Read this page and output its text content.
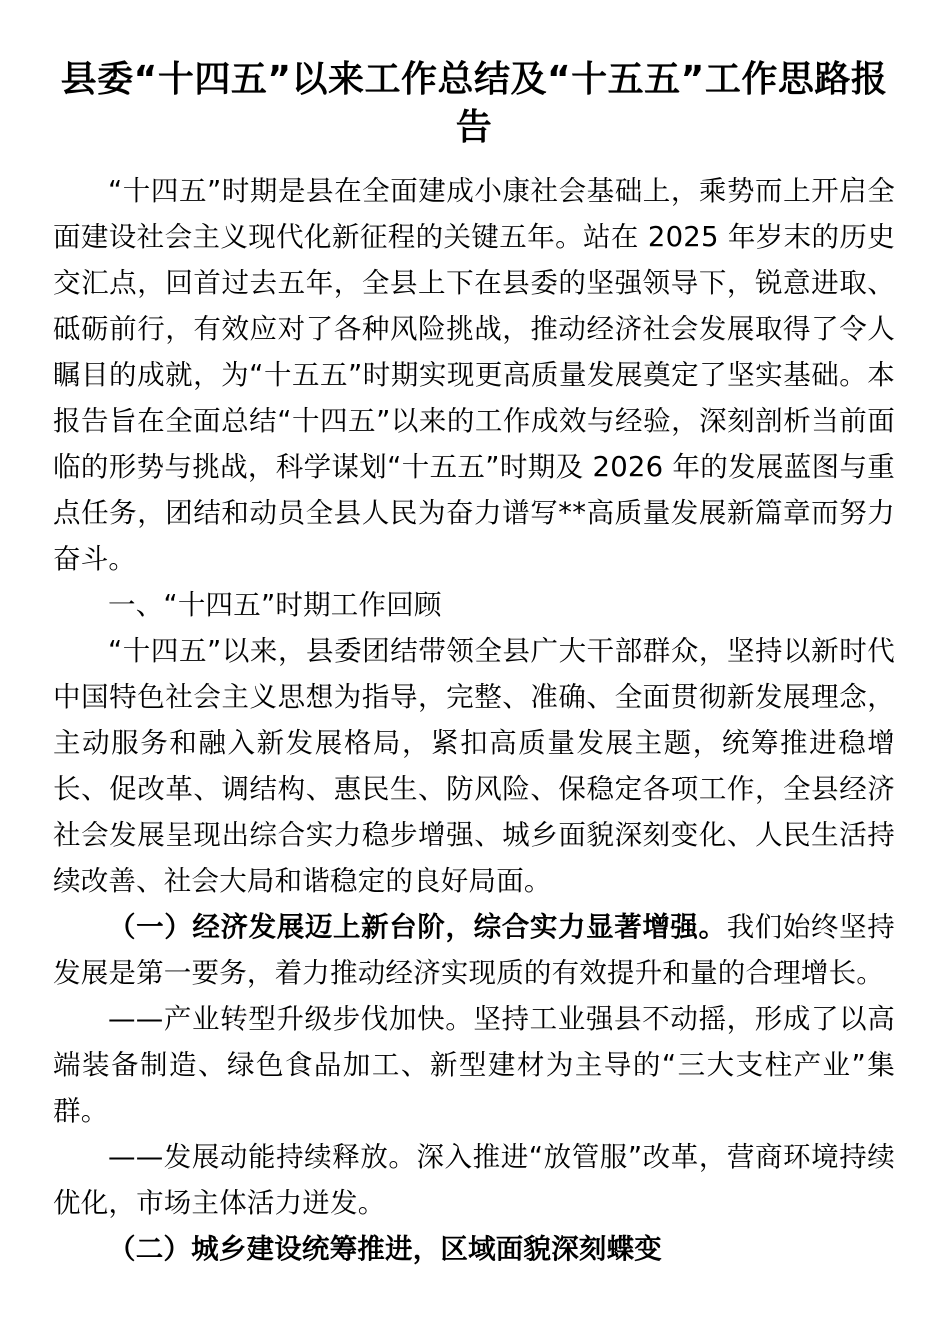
县委“十四五”以来工作总结及“十五五”工作思路报告

“十四五”时期是县在全面建成小康社会基础上，乘势而上开启全面建设社会主义现代化新征程的关键五年。站在 2025 年岁末的历史交汇点，回首过去五年，全县上下在县委的坚强领导下，锐意进取、砥砺前行，有效应对了各种风险挑战，推动经济社会发展取得了令人瞩目的成就，为“十五五”时期实现更高质量发展奠定了坚实基础。本报告旨在全面总结“十四五”以来的工作成效与经验，深刻剖析当前面临的形势与挑战，科学谋划“十五五”时期及 2026 年的发展蓝图与重点任务，团结和动员全县人民为奋力谱写**高质量发展新篇章而努力奋斗。

一、“十四五”时期工作回顾

“十四五”以来，县委团结带领全县广大干部群众，坚持以新时代中国特色社会主义思想为指导，完整、准确、全面贯彻新发展理念，主动服务和融入新发展格局，紧扣高质量发展主题，统筹推进稳增长、促改革、调结构、惠民生、防风险、保稳定各项工作，全县经济社会发展呈现出综合实力稳步增强、城乡面貌深刻变化、人民生活持续改善、社会大局和谐稳定的良好局面。

（一）经济发展迈上新台阶，综合实力显著增强。我们始终坚持发展是第一要务，着力推动经济实现质的有效提升和量的合理增长。

——产业转型升级步伐加快。坚持工业强县不动摇，形成了以高端装备制造、绿色食品加工、新型建材为主导的“三大支柱产业”集群。

——发展动能持续释放。深入推进“放管服”改革，营商环境持续优化，市场主体活力迸发。

（二）城乡建设统筹推进，区域面貌深刻蝶变
